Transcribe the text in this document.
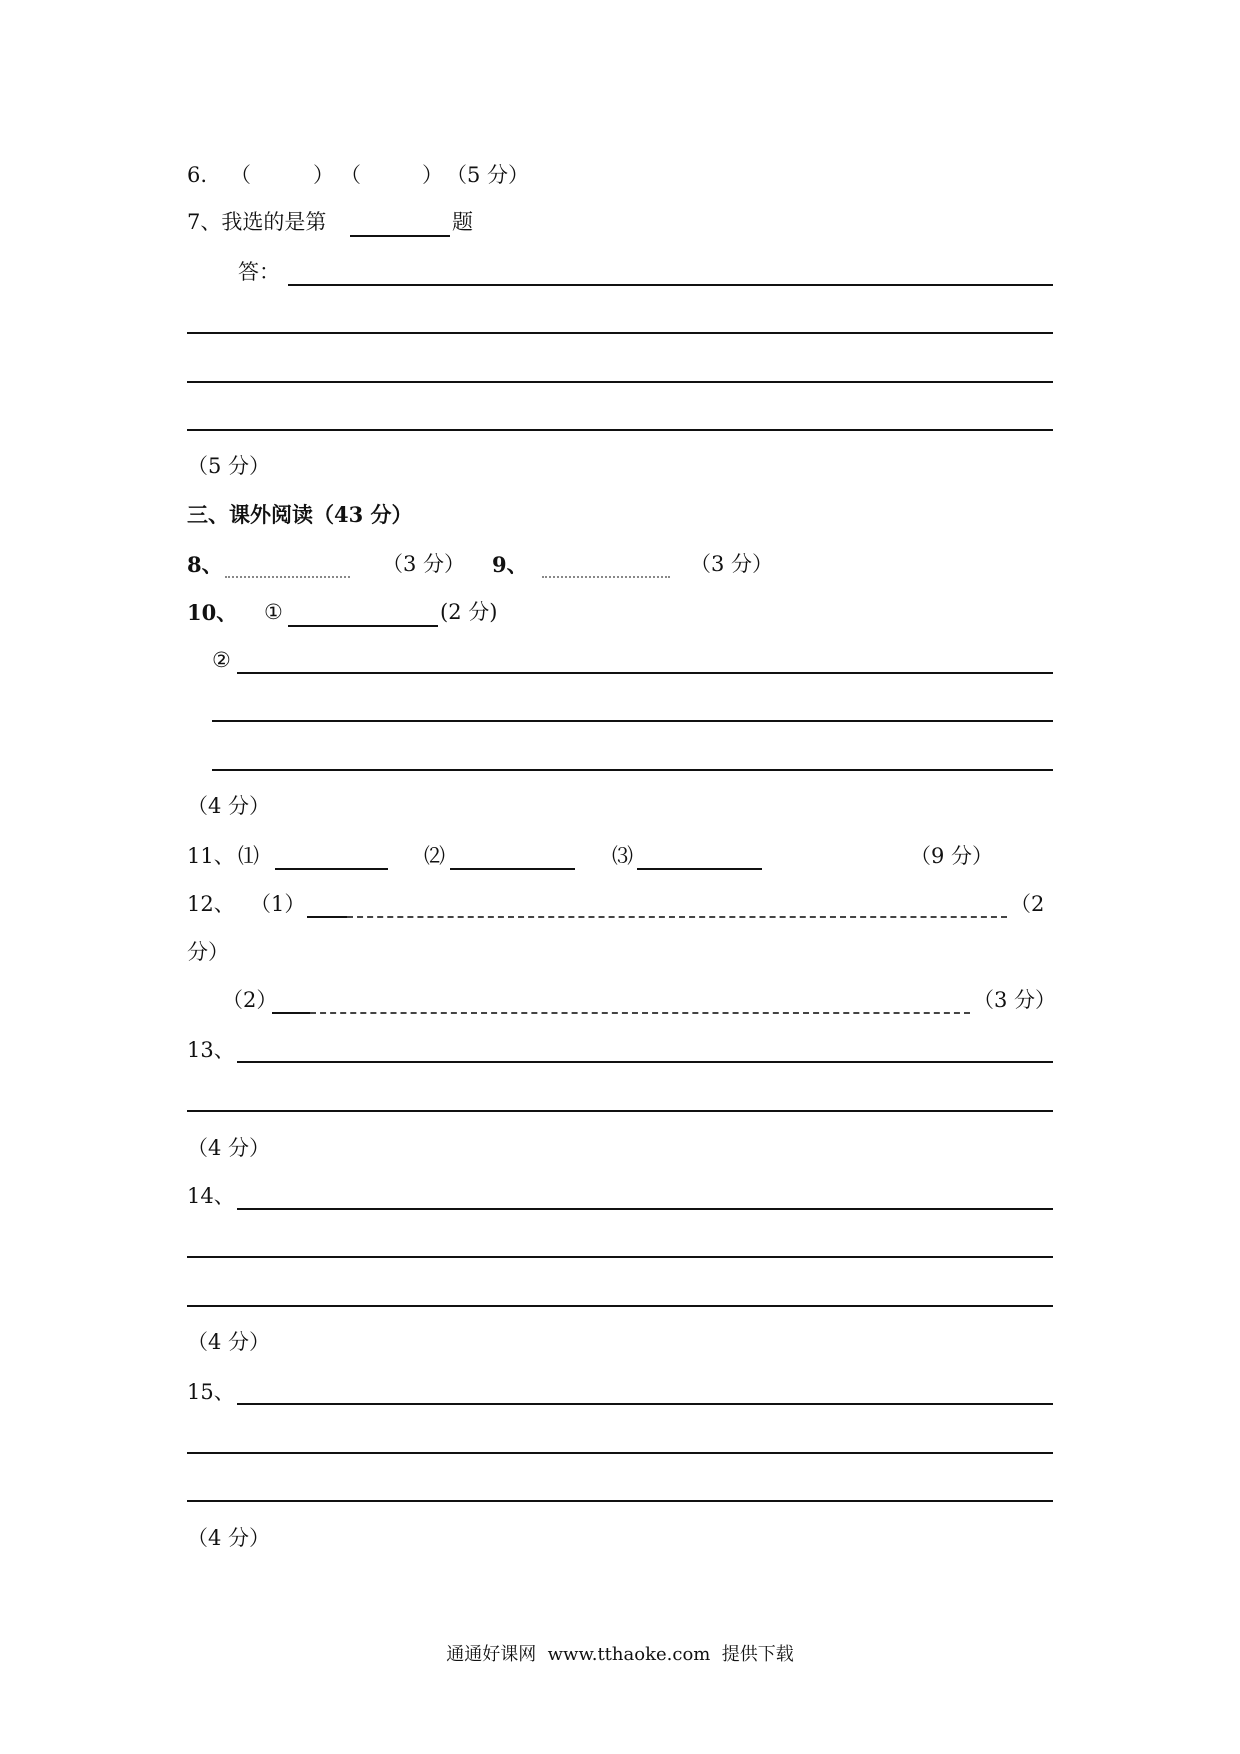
6. （	） （	） （5 分）
7、我选的是第	题
答：
（5 分）
三、课外阅读（43 分）
8、	（3 分） 9、	（3 分）
10、 ①	(2 分)
②
（4 分）
11、 ⑴	⑵	⑶	（9 分）
12、 （1）	（2
分）
（2）	（3 分）
13、
（4 分）
14、
（4 分）
15、
（4 分）
通通好课网  www.tthaoke.com  提供下载
